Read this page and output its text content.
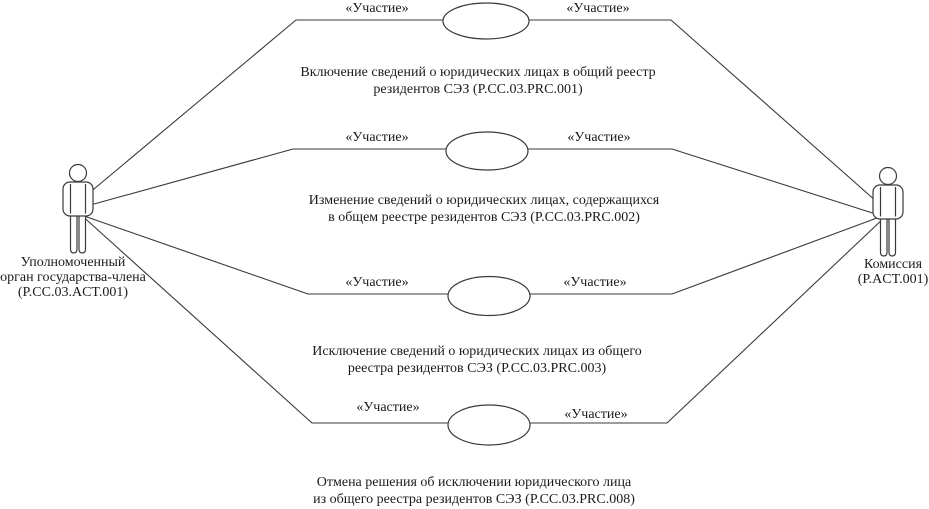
«Участие»	«Участие»
«Участие»	«Участие»
«Участие»	«Участие»
«Участие»	«Участие»
Включение сведений о юридических лицах в общий реестр
резидентов СЭЗ (P.CC.03.PRC.001)
Изменение сведений о юридических лицах, содержащихся
в общем реестре резидентов СЭЗ (P.CC.03.PRC.002)
Исключение сведений о юридических лицах из общего
реестра резидентов СЭЗ (P.CC.03.PRC.003)
Отмена решения об исключении юридического лица
из общего реестра резидентов СЭЗ (P.CC.03.PRC.008)
Уполномоченный
орган государства-члена
(P.CC.03.ACT.001)
Комиссия
(P.ACT.001)
